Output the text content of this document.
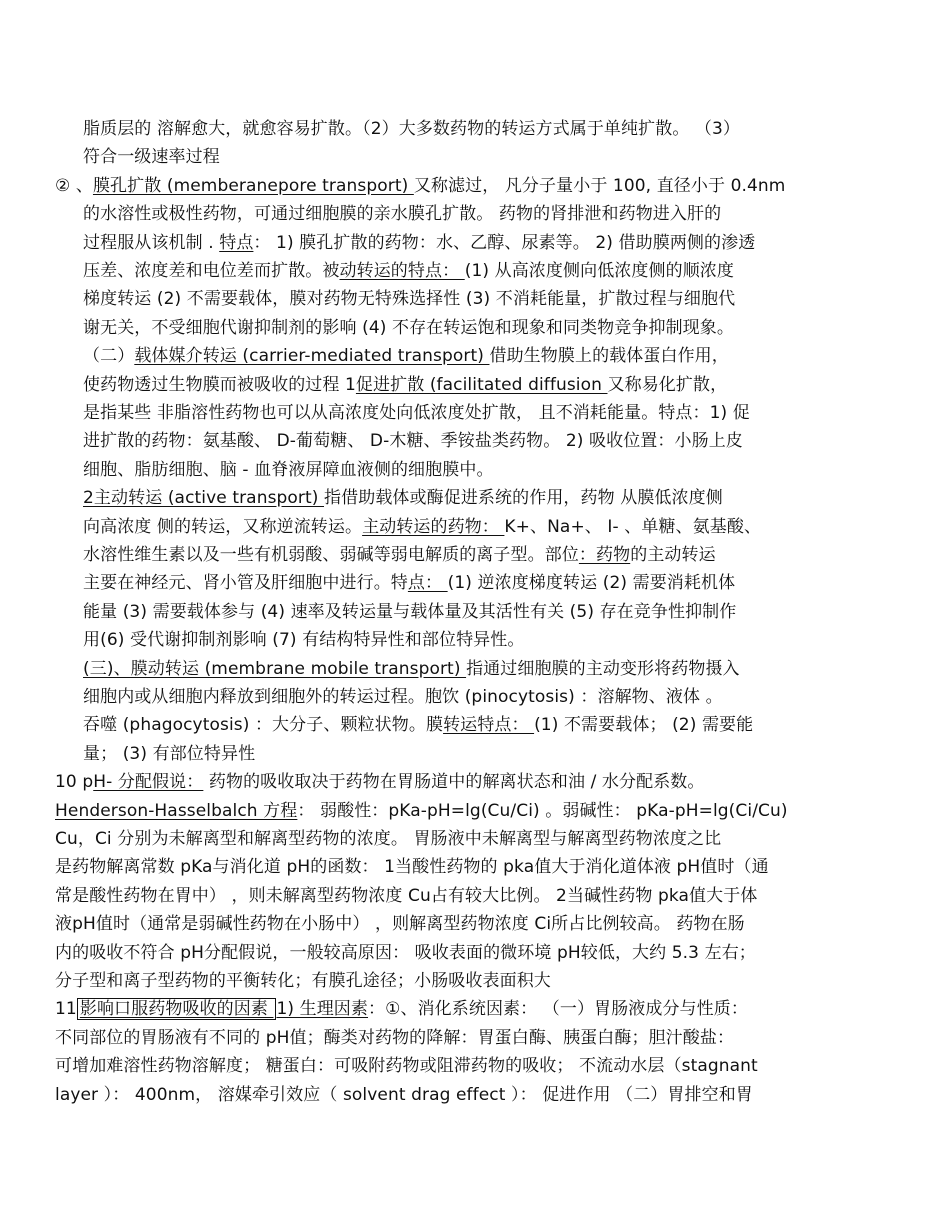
脂质层的 溶解愈大，就愈容易扩散。（2）大多数药物的转运方式属于单纯扩散。 （3）
符合一级速率过程
② 、膜孔扩散 (memberanepore transport) 又称滤过， 凡分子量小于 100, 直径小于 0.4nm
的水溶性或极性药物，可通过细胞膜的亲水膜孔扩散。 药物的肾排泄和药物进入肝的
过程服从该机制 . 特点： 1) 膜孔扩散的药物：水、乙醇、尿素等。 2) 借助膜两侧的渗透
压差、浓度差和电位差而扩散。被动转运的特点： (1) 从高浓度侧向低浓度侧的顺浓度
梯度转运 (2) 不需要载体，膜对药物无特殊选择性 (3) 不消耗能量，扩散过程与细胞代
谢无关，不受细胞代谢抑制剂的影响 (4) 不存在转运饱和现象和同类物竞争抑制现象。
（二）载体媒介转运 (carrier-mediated transport) 借助生物膜上的载体蛋白作用，
使药物透过生物膜而被吸收的过程 1促进扩散 (facilitated diffusion 又称易化扩散，
是指某些 非脂溶性药物也可以从高浓度处向低浓度处扩散， 且不消耗能量。特点：1) 促
进扩散的药物：氨基酸、 D-葡萄糖、 D-木糖、季铵盐类药物。 2) 吸收位置：小肠上皮
细胞、脂肪细胞、脑 - 血脊液屏障血液侧的细胞膜中。
2主动转运 (active transport) 指借助载体或酶促进系统的作用，药物 从膜低浓度侧
向高浓度 侧的转运，又称逆流转运。主动转运的药物： K+、Na+、 I- 、单糖、氨基酸、
水溶性维生素以及一些有机弱酸、弱碱等弱电解质的离子型。部位：药物的主动转运
主要在神经元、肾小管及肝细胞中进行。特点： (1) 逆浓度梯度转运 (2) 需要消耗机体
能量 (3) 需要载体参与 (4) 速率及转运量与载体量及其活性有关 (5) 存在竞争性抑制作
用(6) 受代谢抑制剂影响 (7) 有结构特异性和部位特异性。
(三)、膜动转运 (membrane mobile transport) 指通过细胞膜的主动变形将药物摄入
细胞内或从细胞内释放到细胞外的转运过程。胞饮 (pinocytosis) ：溶解物、液体 。
吞噬 (phagocytosis) ：大分子、颗粒状物。膜转运特点： (1) 不需要载体； (2) 需要能
量； (3) 有部位特异性
10 pH- 分配假说： 药物的吸收取决于药物在胃肠道中的解离状态和油 / 水分配系数。
Henderson-Hasselbalch 方程： 弱酸性：pKa-pH=lg(Cu/Ci) 。弱碱性： pKa-pH=lg(Ci/Cu)
Cu，Ci 分别为未解离型和解离型药物的浓度。 胃肠液中未解离型与解离型药物浓度之比
是药物解离常数 pKa与消化道 pH的函数： 1当酸性药物的 pka值大于消化道体液 pH值时（通
常是酸性药物在胃中） ，则未解离型药物浓度 Cu占有较大比例。 2当碱性药物 pka值大于体
液pH值时（通常是弱碱性药物在小肠中） ，则解离型药物浓度 Ci所占比例较高。 药物在肠
内的吸收不符合 pH分配假说，一般较高原因： 吸收表面的微环境 pH较低，大约 5.3 左右；
分子型和离子型药物的平衡转化；有膜孔途径；小肠吸收表面积大
11 影响口服药物吸收的因素 1) 生理因素：①、消化系统因素： （一）胃肠液成分与性质：
不同部位的胃肠液有不同的 pH值；酶类对药物的降解：胃蛋白酶、胰蛋白酶；胆汁酸盐：
可增加难溶性药物溶解度； 糖蛋白：可吸附药物或阻滞药物的吸收； 不流动水层（stagnant
layer ）： 400nm， 溶媒牵引效应（ solvent drag effect ）： 促进作用 （二）胃排空和胃
